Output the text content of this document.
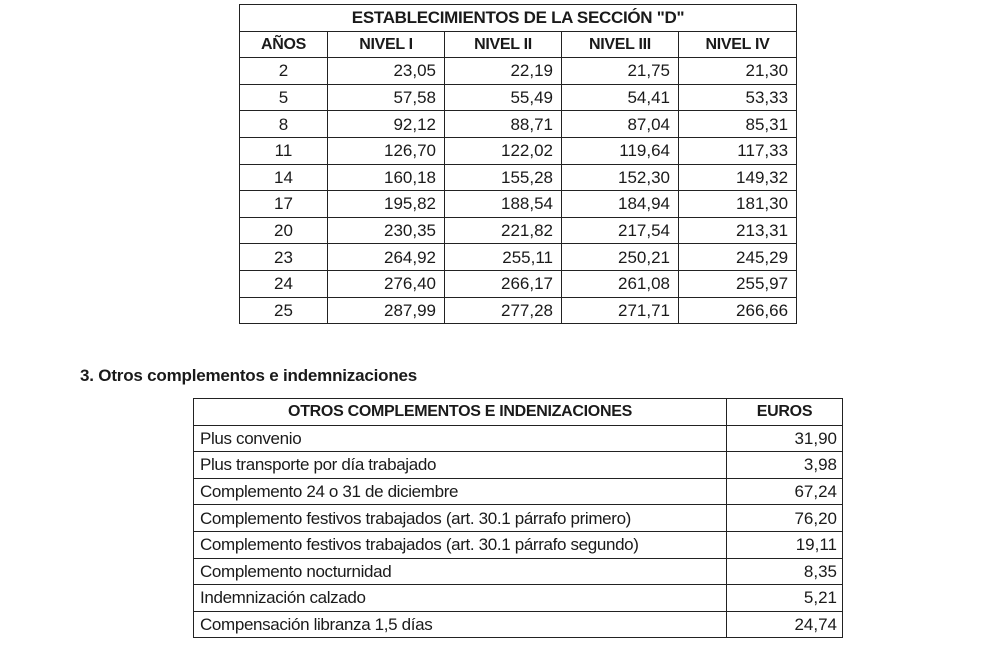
ESTABLECIMIENTOS DE LA SECCIÓN "D"				
AÑOS	NIVEL I	NIVEL II	NIVEL III	NIVEL IV
2	23,05	22,19	21,75	21,30
5	57,58	55,49	54,41	53,33
8	92,12	88,71	87,04	85,31
11	126,70	122,02	119,64	117,33
14	160,18	155,28	152,30	149,32
17	195,82	188,54	184,94	181,30
20	230,35	221,82	217,54	213,31
23	264,92	255,11	250,21	245,29
24	276,40	266,17	261,08	255,97
25	287,99	277,28	271,71	266,66
3. Otros complementos e indemnizaciones
OTROS COMPLEMENTOS E INDENIZACIONES	EUROS
Plus convenio	31,90
Plus transporte por día trabajado	3,98
Complemento 24 o 31 de diciembre	67,24
Complemento festivos trabajados (art. 30.1 párrafo primero)	76,20
Complemento festivos trabajados (art. 30.1 párrafo segundo)	19,11
Complemento nocturnidad	8,35
Indemnización calzado	5,21
Compensación libranza 1,5 días	24,74
